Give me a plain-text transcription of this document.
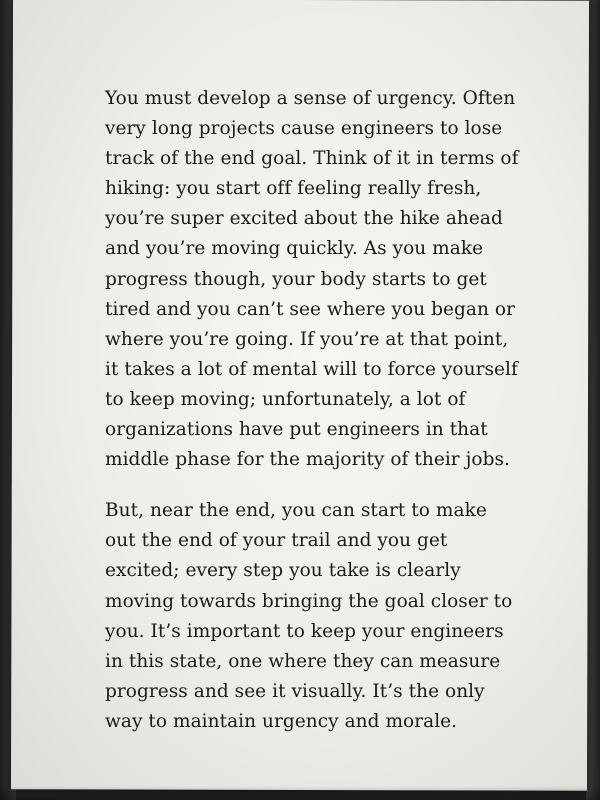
You must develop a sense of urgency. Often
very long projects cause engineers to lose
track of the end goal. Think of it in terms of
hiking: you start off feeling really fresh,
you’re super excited about the hike ahead
and you’re moving quickly. As you make
progress though, your body starts to get
tired and you can’t see where you began or
where you’re going. If you’re at that point,
it takes a lot of mental will to force yourself
to keep moving; unfortunately, a lot of
organizations have put engineers in that
middle phase for the majority of their jobs.

But, near the end, you can start to make
out the end of your trail and you get
excited; every step you take is clearly
moving towards bringing the goal closer to
you. It’s important to keep your engineers
in this state, one where they can measure
progress and see it visually. It’s the only
way to maintain urgency and morale.
